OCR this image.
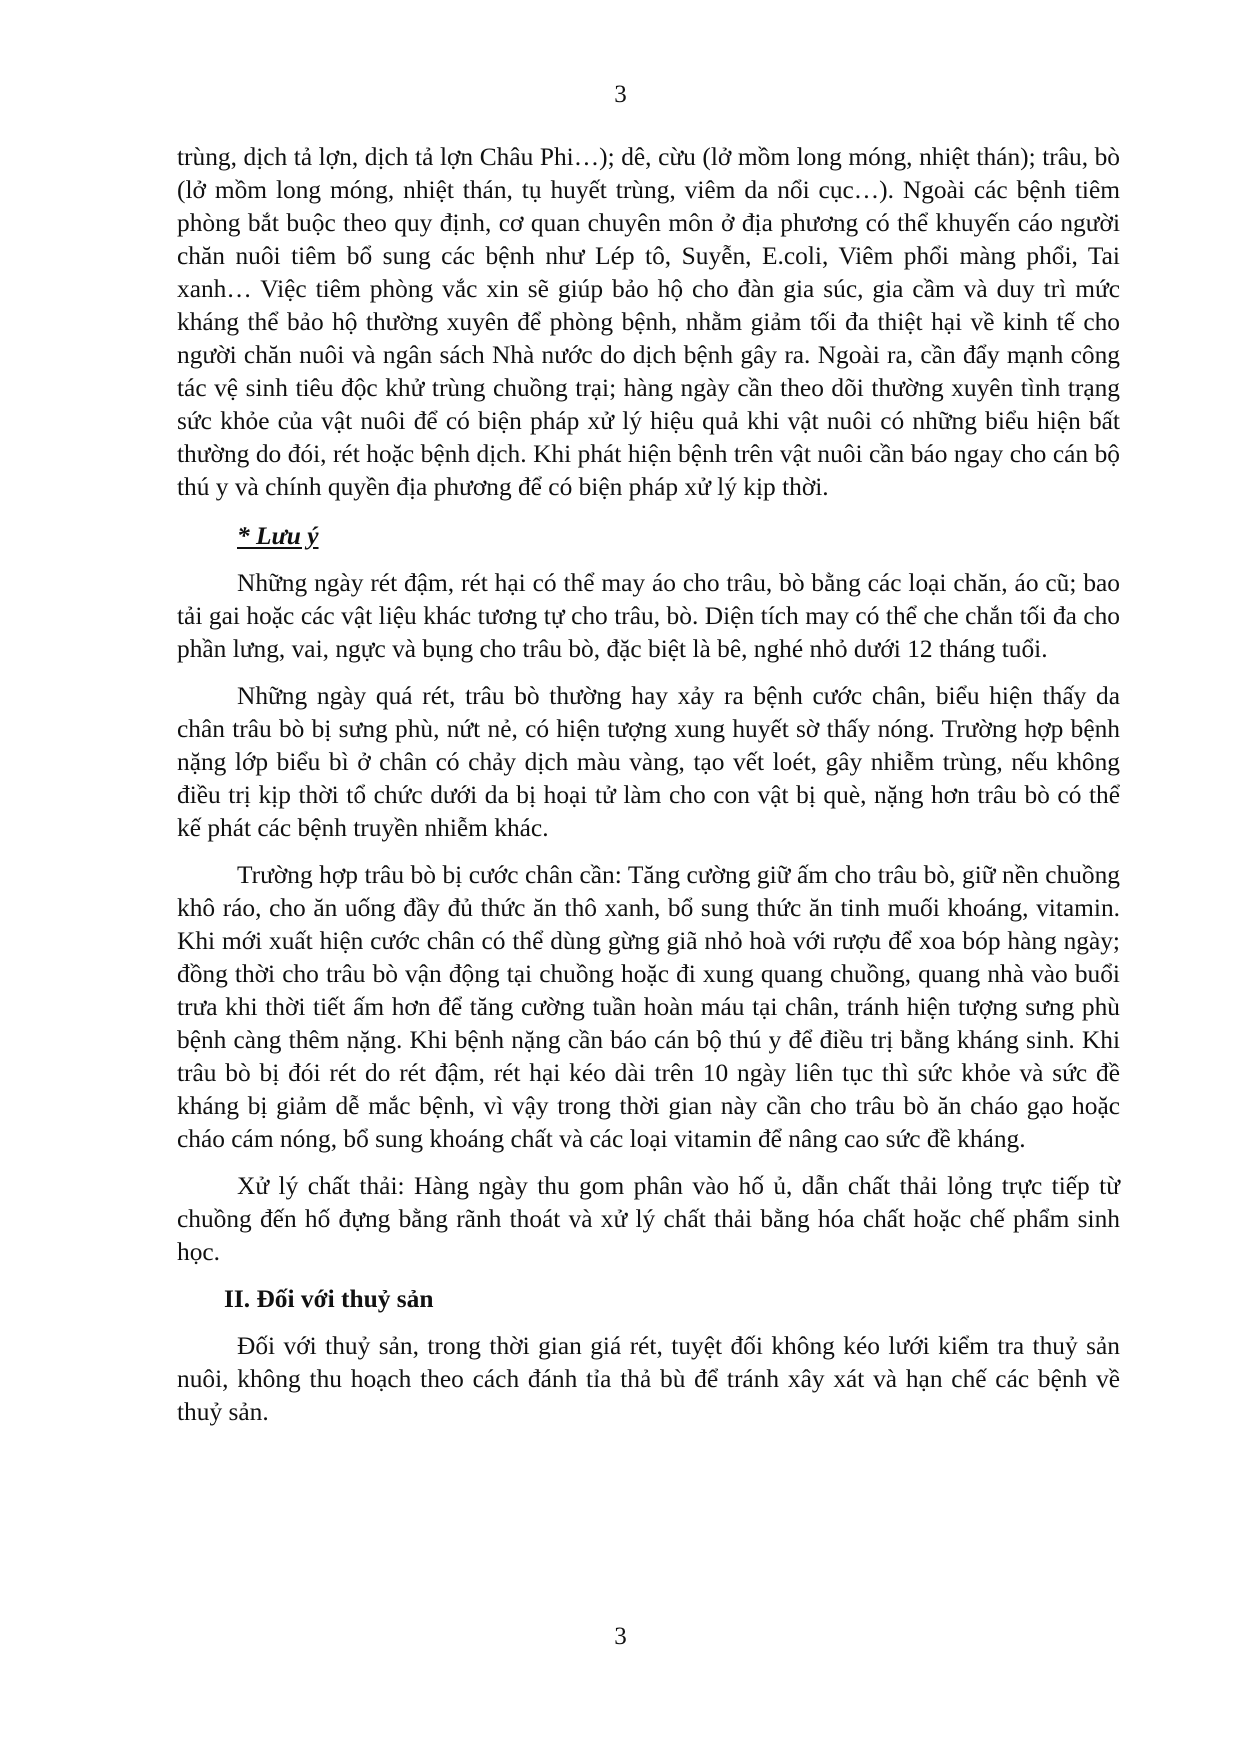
3

trùng, dịch tả lợn, dịch tả lợn Châu Phi…); dê, cừu (lở mồm long móng, nhiệt thán); trâu, bò (lở mồm long móng, nhiệt thán, tụ huyết trùng, viêm da nổi cục…). Ngoài các bệnh tiêm phòng bắt buộc theo quy định, cơ quan chuyên môn ở địa phương có thể khuyến cáo người chăn nuôi tiêm bổ sung các bệnh như Lép tô, Suyễn, E.coli, Viêm phổi màng phổi, Tai xanh… Việc tiêm phòng vắc xin sẽ giúp bảo hộ cho đàn gia súc, gia cầm và duy trì mức kháng thể bảo hộ thường xuyên để phòng bệnh, nhằm giảm tối đa thiệt hại về kinh tế cho người chăn nuôi và ngân sách Nhà nước do dịch bệnh gây ra. Ngoài ra, cần đẩy mạnh công tác vệ sinh tiêu độc khử trùng chuồng trại; hàng ngày cần theo dõi thường xuyên tình trạng sức khỏe của vật nuôi để có biện pháp xử lý hiệu quả khi vật nuôi có những biểu hiện bất thường do đói, rét hoặc bệnh dịch. Khi phát hiện bệnh trên vật nuôi cần báo ngay cho cán bộ thú y và chính quyền địa phương để có biện pháp xử lý kịp thời.

* Lưu ý

Những ngày rét đậm, rét hại có thể may áo cho trâu, bò bằng các loại chăn, áo cũ; bao tải gai hoặc các vật liệu khác tương tự cho trâu, bò. Diện tích may có thể che chắn tối đa cho phần lưng, vai, ngực và bụng cho trâu bò, đặc biệt là bê, nghé nhỏ dưới 12 tháng tuổi.

Những ngày quá rét, trâu bò thường hay xảy ra bệnh cước chân, biểu hiện thấy da chân trâu bò bị sưng phù, nứt nẻ, có hiện tượng xung huyết sờ thấy nóng. Trường hợp bệnh nặng lớp biểu bì ở chân có chảy dịch màu vàng, tạo vết loét, gây nhiễm trùng, nếu không điều trị kịp thời tổ chức dưới da bị hoại tử làm cho con vật bị què, nặng hơn trâu bò có thể kế phát các bệnh truyền nhiễm khác.

Trường hợp trâu bò bị cước chân cần: Tăng cường giữ ấm cho trâu bò, giữ nền chuồng khô ráo, cho ăn uống đầy đủ thức ăn thô xanh, bổ sung thức ăn tinh muối khoáng, vitamin. Khi mới xuất hiện cước chân có thể dùng gừng giã nhỏ hoà với rượu để xoa bóp hàng ngày; đồng thời cho trâu bò vận động tại chuồng hoặc đi xung quang chuồng, quang nhà vào buổi trưa khi thời tiết ấm hơn để tăng cường tuần hoàn máu tại chân, tránh hiện tượng sưng phù bệnh càng thêm nặng. Khi bệnh nặng cần báo cán bộ thú y để điều trị bằng kháng sinh. Khi trâu bò bị đói rét do rét đậm, rét hại kéo dài trên 10 ngày liên tục thì sức khỏe và sức đề kháng bị giảm dễ mắc bệnh, vì vậy trong thời gian này cần cho trâu bò ăn cháo gạo hoặc cháo cám nóng, bổ sung khoáng chất và các loại vitamin để nâng cao sức đề kháng.

Xử lý chất thải: Hàng ngày thu gom phân vào hố ủ, dẫn chất thải lỏng trực tiếp từ chuồng đến hố đựng bằng rãnh thoát và xử lý chất thải bằng hóa chất hoặc chế phẩm sinh học.

II. Đối với thuỷ sản

Đối với thuỷ sản, trong thời gian giá rét, tuyệt đối không kéo lưới kiểm tra thuỷ sản nuôi, không thu hoạch theo cách đánh tỉa thả bù để tránh xây xát và hạn chế các bệnh về thuỷ sản.

3
